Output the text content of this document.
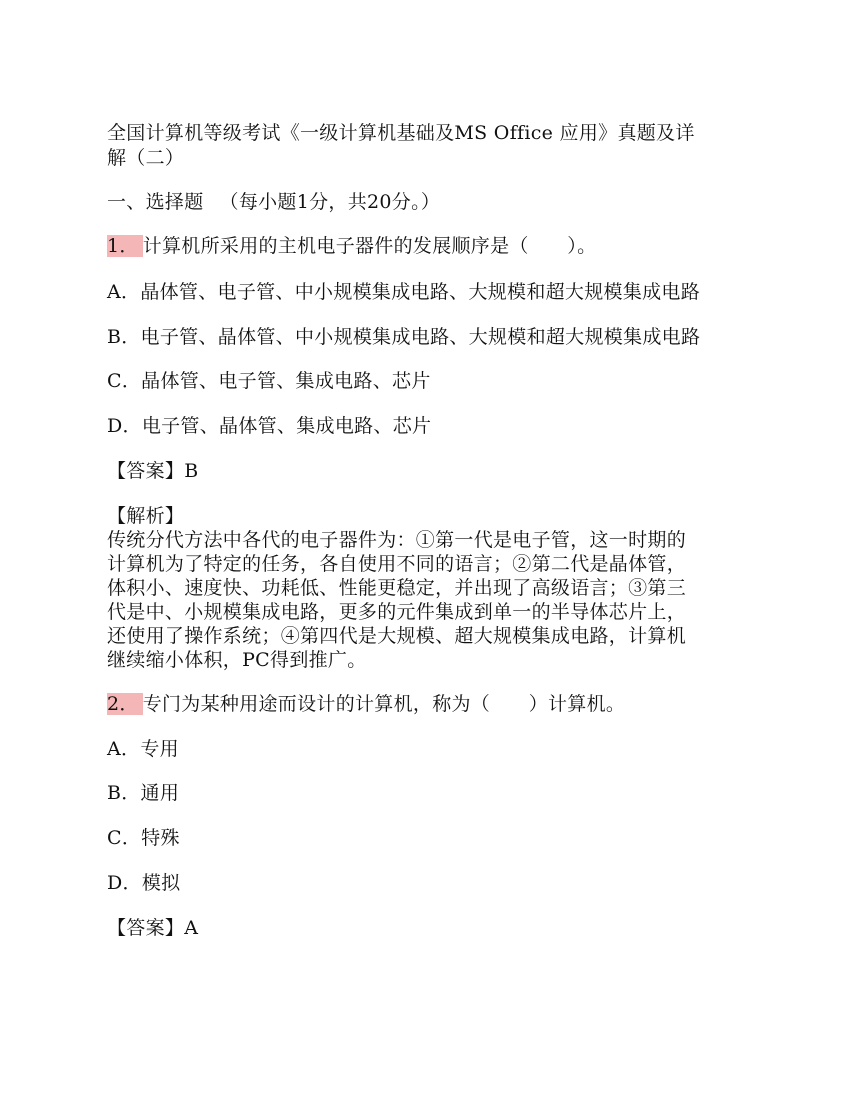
全国计算机等级考试《一级计算机基础及MS Office 应用》真题及详
解（二）
一、选择题 （每小题1分，共20分。）
1． 计算机所采用的主机电子器件的发展顺序是（　　）。
A．晶体管、电子管、中小规模集成电路、大规模和超大规模集成电路
B．电子管、晶体管、中小规模集成电路、大规模和超大规模集成电路
C．晶体管、电子管、集成电路、芯片
D．电子管、晶体管、集成电路、芯片
【答案】B
【解析】
传统分代方法中各代的电子器件为：①第一代是电子管，这一时期的
计算机为了特定的任务，各自使用不同的语言；②第二代是晶体管，
体积小、速度快、功耗低、性能更稳定，并出现了高级语言；③第三
代是中、小规模集成电路，更多的元件集成到单一的半导体芯片上，
还使用了操作系统；④第四代是大规模、超大规模集成电路，计算机
继续缩小体积，PC得到推广。
2． 专门为某种用途而设计的计算机，称为（　　）计算机。
A．专用
B．通用
C．特殊
D．模拟
【答案】A
